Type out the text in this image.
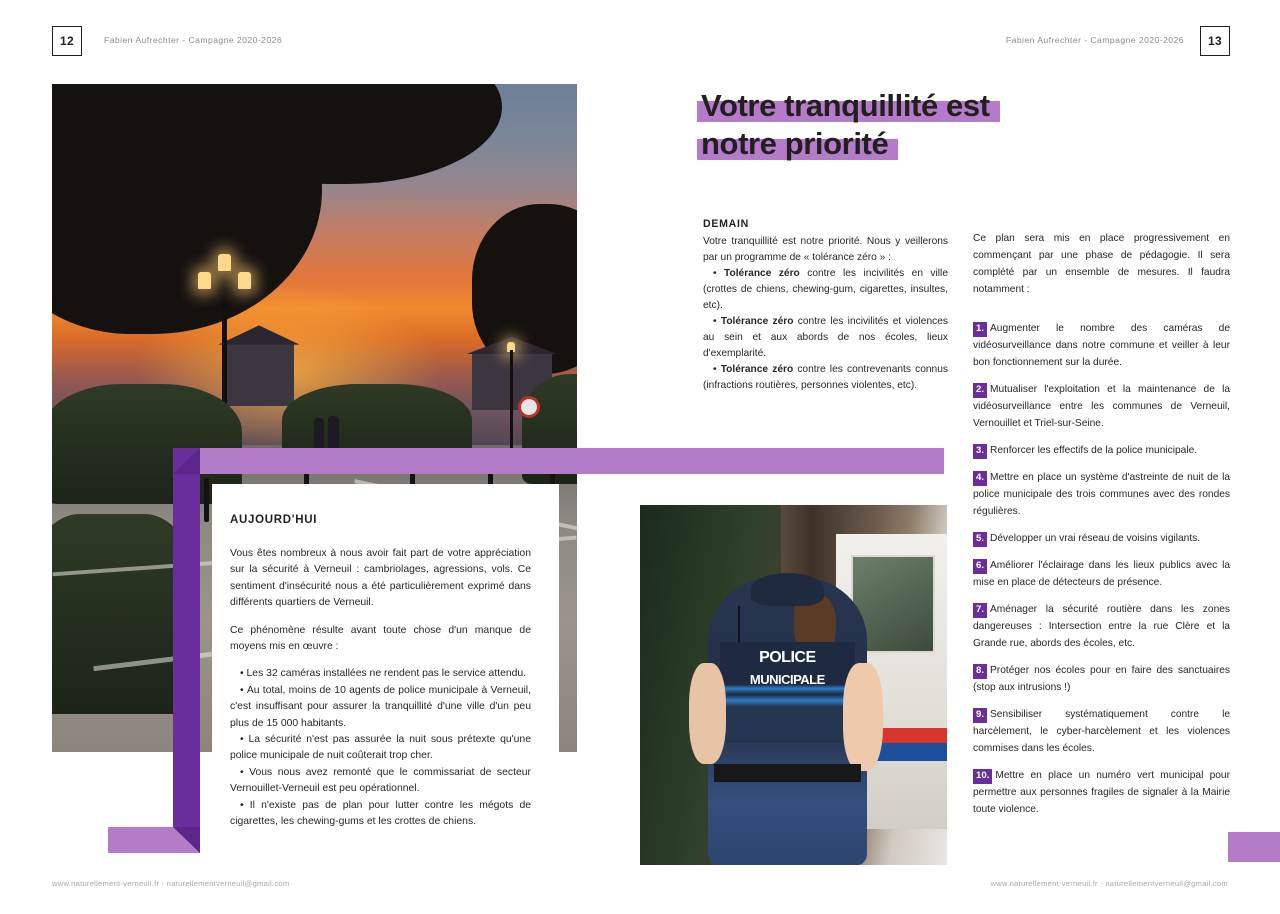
12	Fabien Aufrechter - Campagne 2020-2026	Fabien Aufrechter - Campagne 2020-2026	13
AUJOURD'HUI

Vous êtes nombreux à nous avoir fait part de votre appréciation sur la sécurité à Verneuil : cambriolages, agressions, vols. Ce sentiment d'insécurité nous a été particulièrement exprimé dans différents quartiers de Verneuil.

Ce phénomène résulte avant toute chose d'un manque de moyens mis en œuvre :

• Les 32 caméras installées ne rendent pas le service attendu.
• Au total, moins de 10 agents de police municipale à Verneuil, c'est insuffisant pour assurer la tranquillité d'une ville d'un peu plus de 15 000 habitants.
• La sécurité n'est pas assurée la nuit sous prétexte qu'une police municipale de nuit coûterait trop cher.
• Vous nous avez remonté que le commissariat de secteur Vernouillet-Verneuil est peu opérationnel.
• Il n'existe pas de plan pour lutter contre les mégots de cigarettes, les chewing-gums et les crottes de chiens.
Votre tranquillité est

notre priorité
DEMAIN

Votre tranquillité est notre priorité. Nous y veillerons par un programme de « tolérance zéro » :

• Tolérance zéro contre les incivilités en ville (crottes de chiens, chewing-gum, cigarettes, insultes, etc).
• Tolérance zéro contre les incivilités et violences au sein et aux abords de nos écoles, lieux d'exemplarité.
• Tolérance zéro contre les contrevenants connus (infractions routières, personnes violentes, etc).

Ce plan sera mis en place progressivement en commençant par une phase de pédagogie. Il sera complété par un ensemble de mesures. Il faudra notamment :

1. Augmenter le nombre des caméras de vidéosurveillance dans notre commune et veiller à leur bon fonctionnement sur la durée.
2. Mutualiser l'exploitation et la maintenance de la vidéosurveillance entre les communes de Verneuil, Vernouillet et Triel-sur-Seine.
3. Renforcer les effectifs de la police municipale.
4. Mettre en place un système d'astreinte de nuit de la police municipale des trois communes avec des rondes régulières.
5. Développer un vrai réseau de voisins vigilants.
6. Améliorer l'éclairage dans les lieux publics avec la mise en place de détecteurs de présence.
7. Aménager la sécurité routière dans les zones dangereuses : Intersection entre la rue Clère et la Grande rue, abords des écoles, etc.
8. Protéger nos écoles pour en faire des sanctuaires (stop aux intrusions !)
9. Sensibiliser systématiquement contre le harcèlement, le cyber-harcèlement et les violences commises dans les écoles.
10. Mettre en place un numéro vert municipal pour permettre aux personnes fragiles de signaler à la Mairie toute violence.
POLICE
MUNICIPALE
www.naturellement-verneuil.fr - naturellementverneuil@gmail.com	www.naturellement-verneuil.fr - naturellementverneuil@gmail.com
